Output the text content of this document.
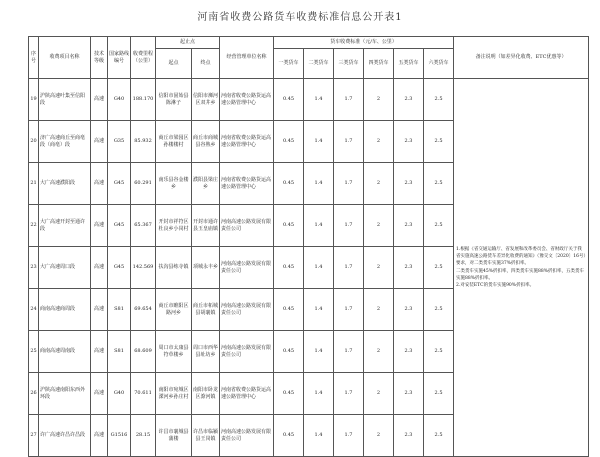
河南省收费公路货车收费标准信息公开表1
序号	收费项目名称	技术等级	国家路线编号	收费里程（公里）	起止点		经营管理单位名称	货车收费标准（元/车、公里）						备注说明（如差异化收费、ETC优惠等）
					起点	终点		一类货车	二类货车	三类货车	四类货车	五类货车	六类货车	
19	沪陕高速叶集至信阳段	高速	G40	188.170	信阳市固始县陈淋子	信阳市浉河区双井乡	河南省收费公路货运高速公路管理中心	0.45	1.4	1.7	2	2.3	2.5	1.根据《省交通运输厅、省发展和改革委员会、省财政厅关于我省实施高速公路货车差异化收费的通知》（豫交文〔2020〕16号）要求，对二类货车实施37%折扣率。
二类货车实施45%折扣率，四类货车实施88%折扣率，五类货车实施88%折扣率。
2.对安装ETC的货车实施90%折扣率。

20	济广高速商丘至商亳段（商亳）段	高速	G35	85.932	商丘市梁园区孙楼楼村	商丘市商城县谷熟乡	河南省收费公路货运高速公路管理中心	0.45	1.4	1.7	2	2.3	2.5	
21	大广高速濮阳段	高速	G45	60.291	南乐县谷金楼乡	濮阳县梁庄乡	河南省收费公路货运高速公路管理中心	0.45	1.4	1.7	2	2.3	2.5	
22	大广高速开封至通许段	高速	G45	65.367	开封市祥符区杜良乡小岗村	开封市通许县玉皇庙镇	河南高速公路发展有限责任公司	0.45	1.4	1.7	2	2.3	2.5	
23	大广高速周口段	高速	G45	142.569	扶沟县练寺镇	项城永丰乡	河南高速公路发展有限责任公司	0.45	1.4	1.7	2	2.3	2.5	
24	商南高速商周段	高速	S81	69.654	商丘市睢阳区路河乡	商丘市柘城县胡襄镇	河南高速公路发展有限责任公司	0.45	1.4	1.7	2	2.3	2.5	
25	商南高速周南段	高速	S81	68.609	周口市太康县符草楼乡	周口市西华县址坊乡	河南高速公路发展有限责任公司	0.45	1.4	1.7	2	2.3	2.5	
26	沪陕高速南阳东西外环段	高速	G40	70.611	南阳市宛城区溧河乡孙庄村	南阳市卧龙区潦河镇	河南省收费公路货运高速公路管理中心	0.45	1.4	1.7	2	2.3	2.5	
27	许广高速许昌许昌段	高速	G1516	28.15	许昌市襄城县蒲楼	许昌市临颍县王岗镇	河南高速公路发展有限责任公司	0.45	1.4	1.7	2	2.3	2.5	
